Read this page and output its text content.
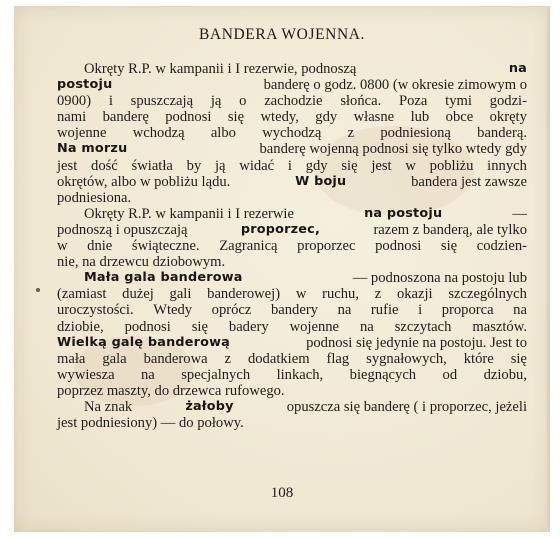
BANDERA WOJENNA.
Okręty R.P. w kampanii i I rezerwie, podnoszą	na
postoju	banderę o godz. 0800 (w okresie zimowym o
0900) i spuszczają ją o zachodzie słońca. Poza tymi godzi-
nami banderę podnosi się wtedy, gdy własne lub obce okręty
wojenne wchodzą albo wychodzą z podniesioną banderą.
Na morzu	banderę wojenną podnosi się tylko wtedy gdy
jest dość światła by ją widać i gdy się jest w pobliżu innych
okrętów, albo w pobliżu lądu.	W boju	bandera jest zawsze
podniesiona.
Okręty R.P. w kampanii i I rezerwie	na postoju	—
podnoszą i opuszczają	proporzec,	razem z banderą, ale tylko
w dnie świąteczne. Zagranicą proporzec podnosi się codzien-
nie, na drzewcu dziobowym.
Mała gala banderowa	— podnoszona na postoju lub
(zamiast dużej gali banderowej) w ruchu, z okazji szczególnych
uroczystości. Wtedy oprócz bandery na rufie i proporca na
dziobie, podnosi się badery wojenne na szczytach masztów.
Wielką galę banderową	podnosi się jedynie na postoju. Jest to
mała gala banderowa z dodatkiem flag sygnałowych, które się
wywiesza na specjalnych linkach, biegnących od dziobu,
poprzez maszty, do drzewca rufowego.
Na znak	żałoby	opuszcza się banderę ( i proporzec, jeżeli
jest podniesiony) — do połowy.
108
